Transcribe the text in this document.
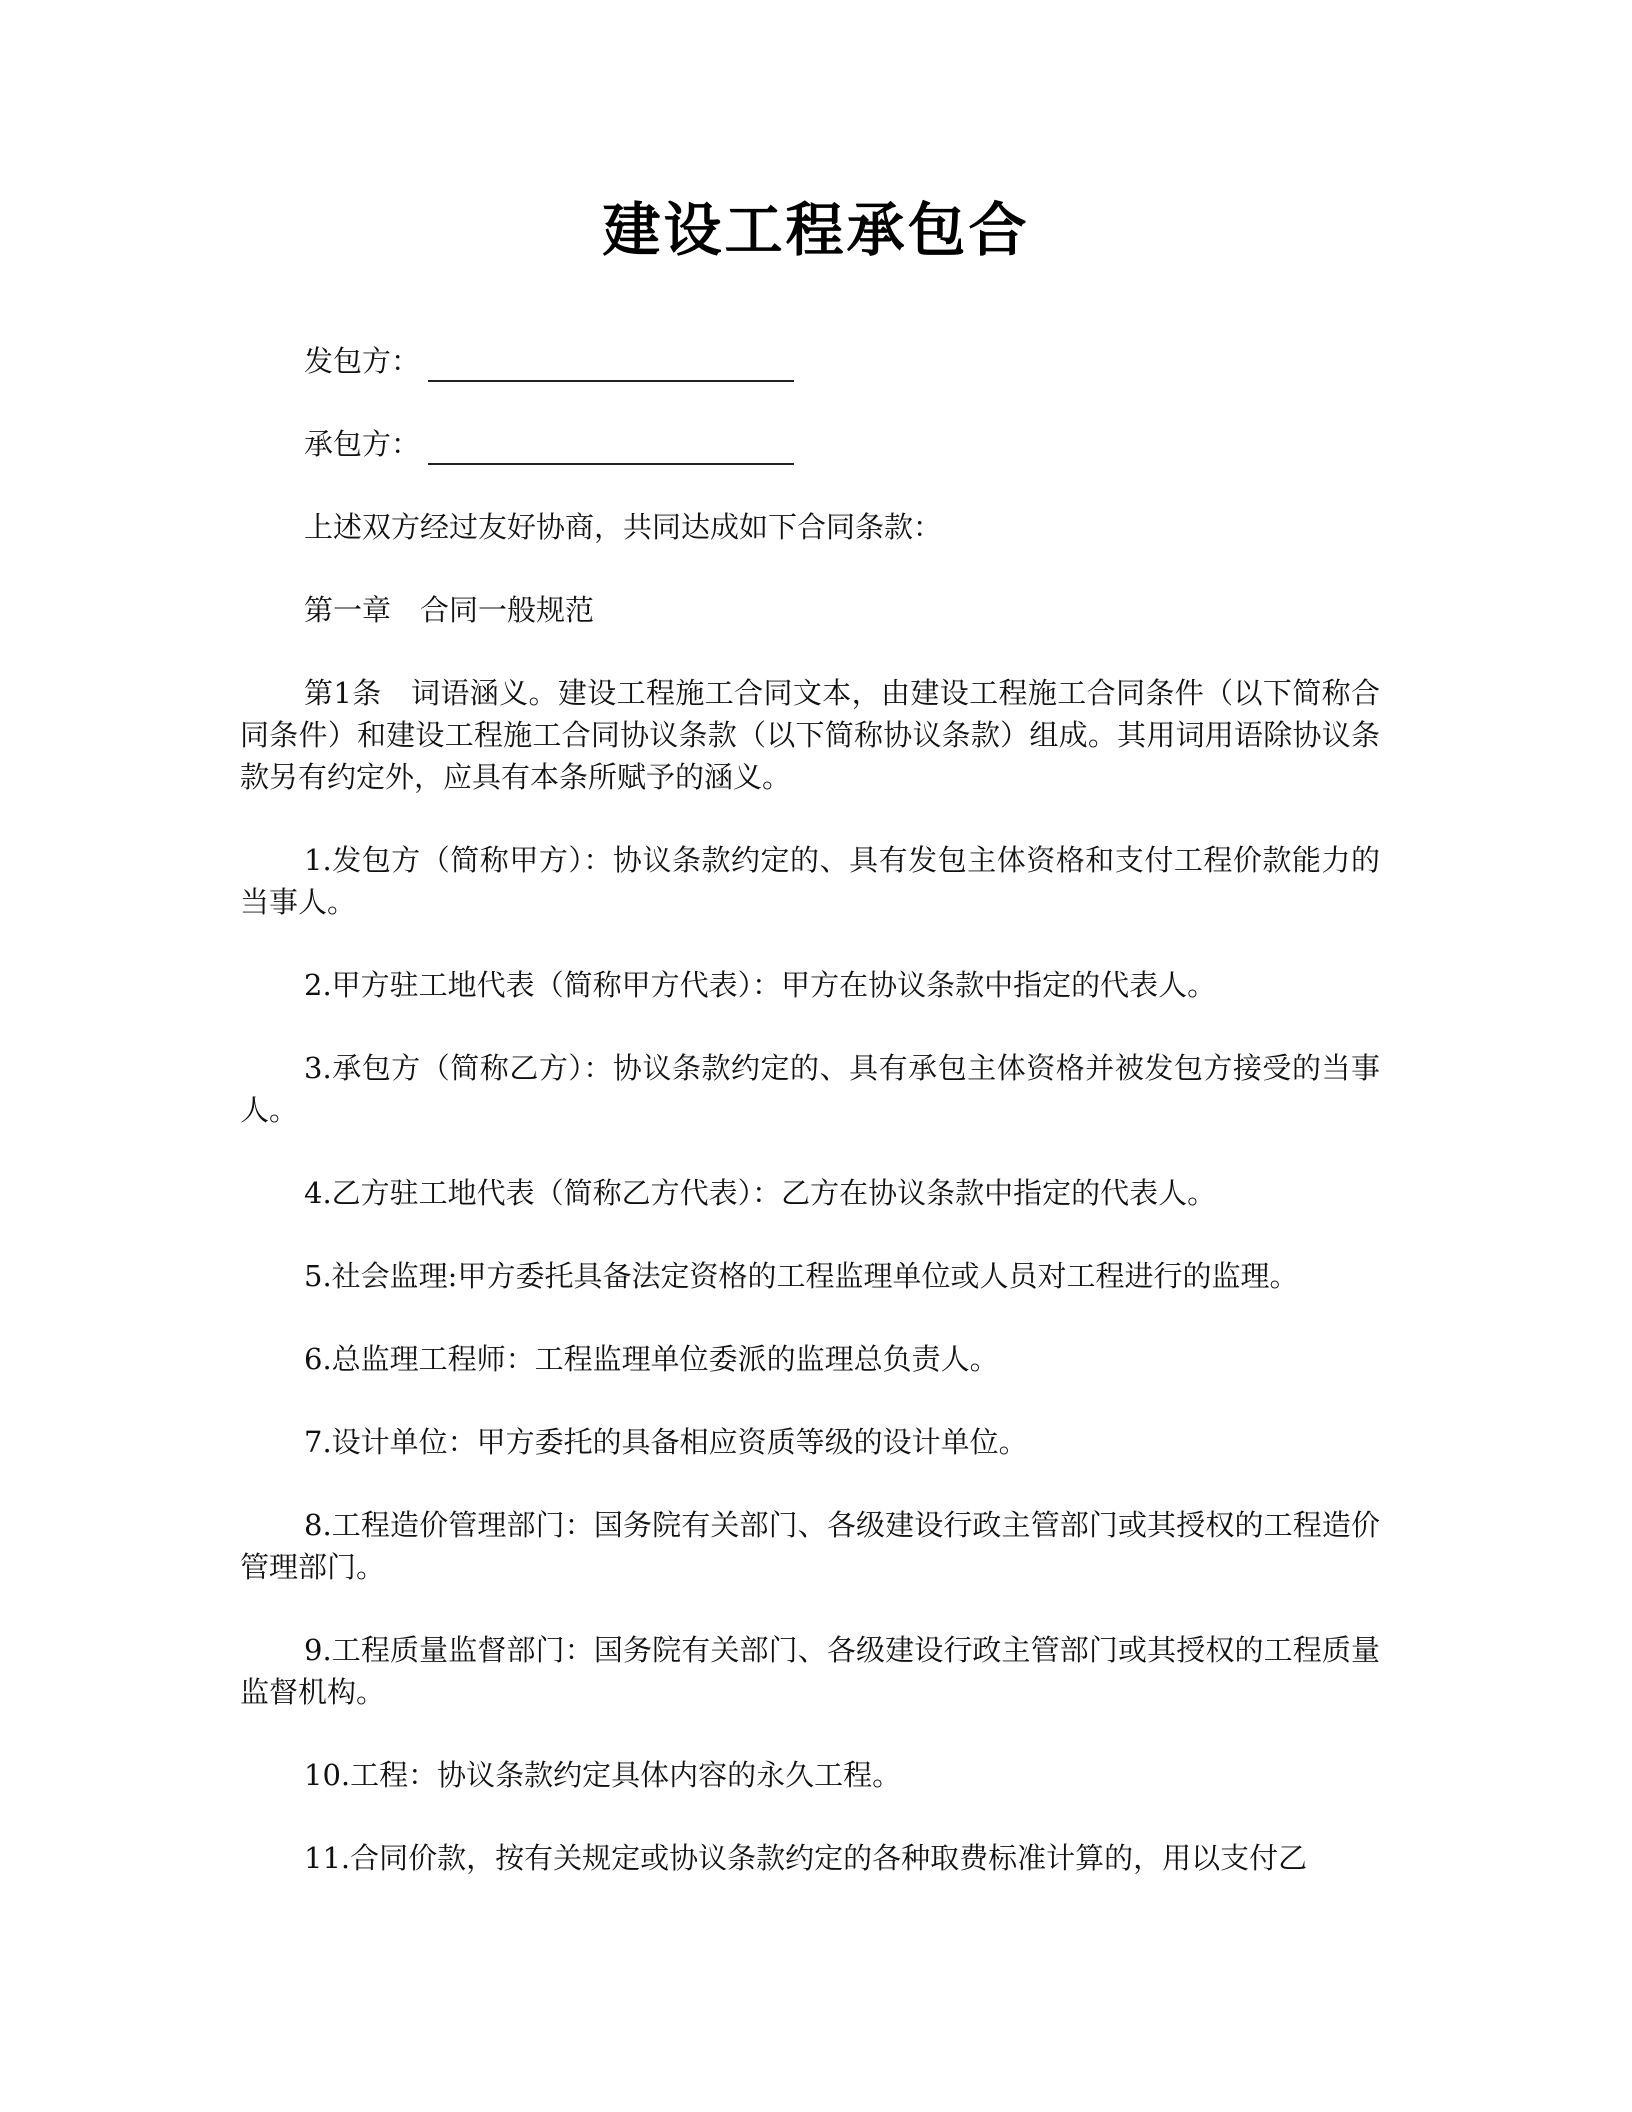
建设工程承包合
发包方：
承包方：

上述双方经过友好协商，共同达成如下合同条款：

第一章　合同一般规范

第1条　词语涵义。建设工程施工合同文本，由建设工程施工合同条件（以下简称合同条件）和建设工程施工合同协议条款（以下简称协议条款）组成。其用词用语除协议条款另有约定外，应具有本条所赋予的涵义。

1.发包方（简称甲方）：协议条款约定的、具有发包主体资格和支付工程价款能力的当事人。

2.甲方驻工地代表（简称甲方代表）：甲方在协议条款中指定的代表人。

3.承包方（简称乙方）：协议条款约定的、具有承包主体资格并被发包方接受的当事人。

4.乙方驻工地代表（简称乙方代表）：乙方在协议条款中指定的代表人。

5.社会监理:甲方委托具备法定资格的工程监理单位或人员对工程进行的监理。

6.总监理工程师：工程监理单位委派的监理总负责人。

7.设计单位：甲方委托的具备相应资质等级的设计单位。

8.工程造价管理部门：国务院有关部门、各级建设行政主管部门或其授权的工程造价管理部门。

9.工程质量监督部门：国务院有关部门、各级建设行政主管部门或其授权的工程质量监督机构。

10.工程：协议条款约定具体内容的永久工程。

11.合同价款，按有关规定或协议条款约定的各种取费标准计算的，用以支付乙
